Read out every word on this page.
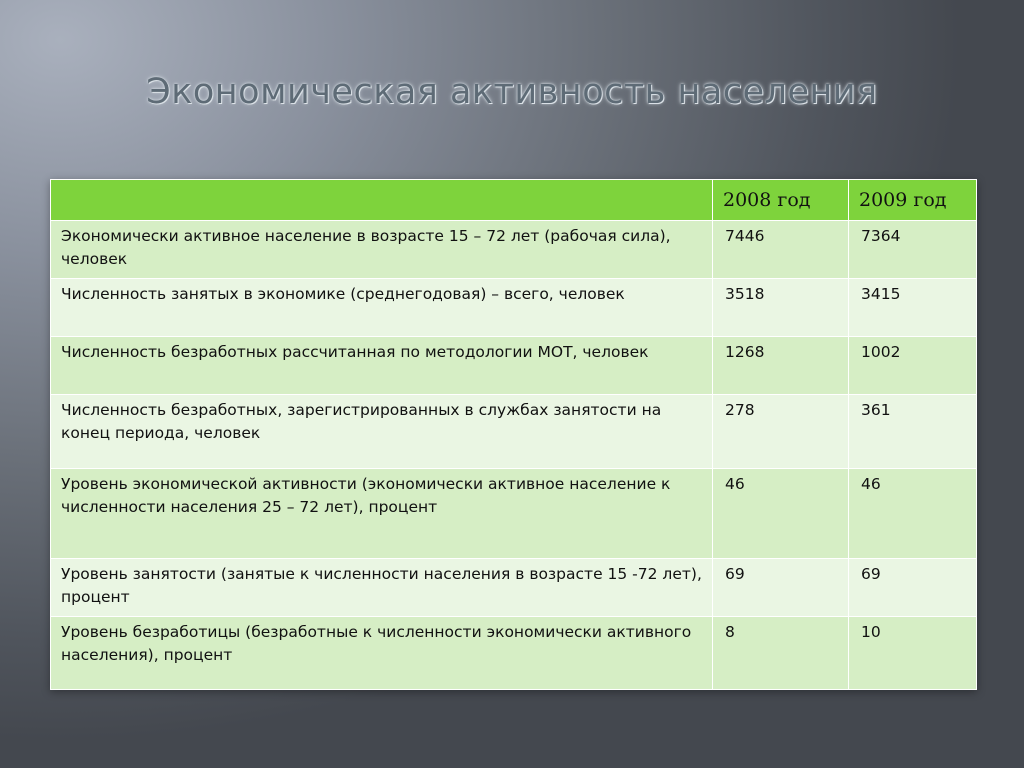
Экономическая активность населения
	2008 год	2009 год
Экономически активное население в возрасте 15 – 72 лет (рабочая сила), человек	7446	7364
Численность занятых в экономике (среднегодовая) – всего, человек	3518	3415
Численность безработных рассчитанная по методологии МОТ, человек	1268	1002
Численность безработных, зарегистрированных в службах занятости на конец периода, человек	278	361
Уровень экономической активности (экономически активное население к численности населения 25 – 72 лет), процент	46	46
Уровень занятости (занятые к численности населения в возрасте 15 -72 лет), процент	69	69
Уровень безработицы (безработные к численности экономически активного населения), процент	8	10
